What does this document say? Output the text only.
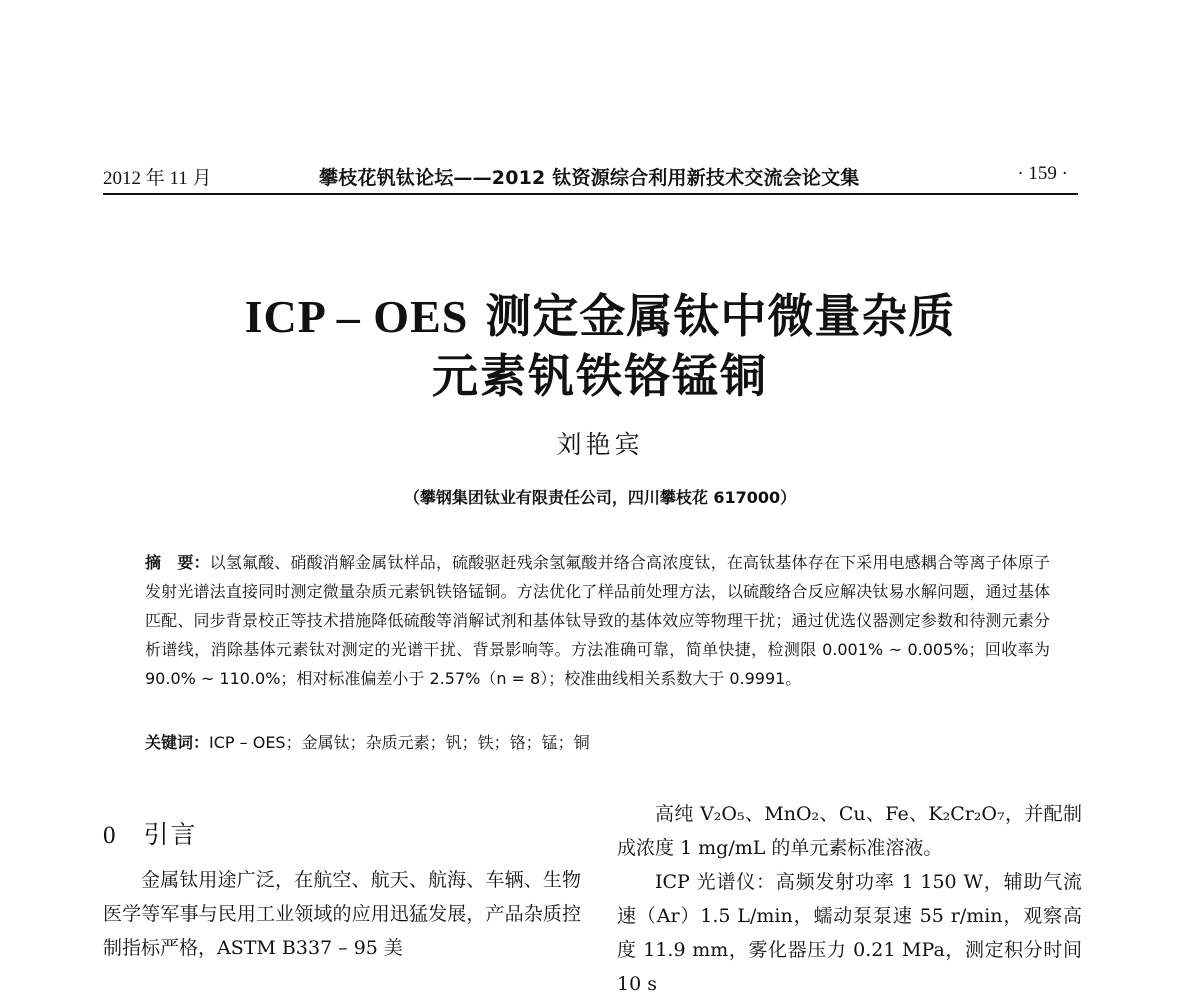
2012 年 11 月	攀枝花钒钛论坛——2012 钛资源综合利用新技术交流会论文集	· 159 ·
ICP – OES 测定金属钛中微量杂质
元素钒铁铬锰铜
刘艳宾
（攀钢集团钛业有限责任公司，四川攀枝花 617000）
摘　要：以氢氟酸、硝酸消解金属钛样品，硫酸驱赶残余氢氟酸并络合高浓度钛，在高钛基体存在下采用电感耦合等离子体原子发射光谱法直接同时测定微量杂质元素钒铁铬锰铜。方法优化了样品前处理方法，以硫酸络合反应解决钛易水解问题，通过基体匹配、同步背景校正等技术措施降低硫酸等消解试剂和基体钛导致的基体效应等物理干扰；通过优选仪器测定参数和待测元素分析谱线，消除基体元素钛对测定的光谱干扰、背景影响等。方法准确可靠，简单快捷，检测限 0.001% ~ 0.005%；回收率为 90.0% ~ 110.0%；相对标准偏差小于 2.57%（n = 8）；校准曲线相关系数大于 0.9991。
关键词：ICP – OES；金属钛；杂质元素；钒；铁；铬；锰；铜
0 引言

金属钛用途广泛，在航空、航天、航海、车辆、生物医学等军事与民用工业领域的应用迅猛发展，产品杂质控制指标严格，ASTM B337 – 95 美

高纯 V₂O₅、MnO₂、Cu、Fe、K₂Cr₂O₇，并配制成浓度 1 mg/mL 的单元素标准溶液。

ICP 光谱仪：高频发射功率 1 150 W，辅助气流速（Ar）1.5 L/min，蠕动泵泵速 55 r/min，观察高度 11.9 mm，雾化器压力 0.21 MPa，测定积分时间 10 s
